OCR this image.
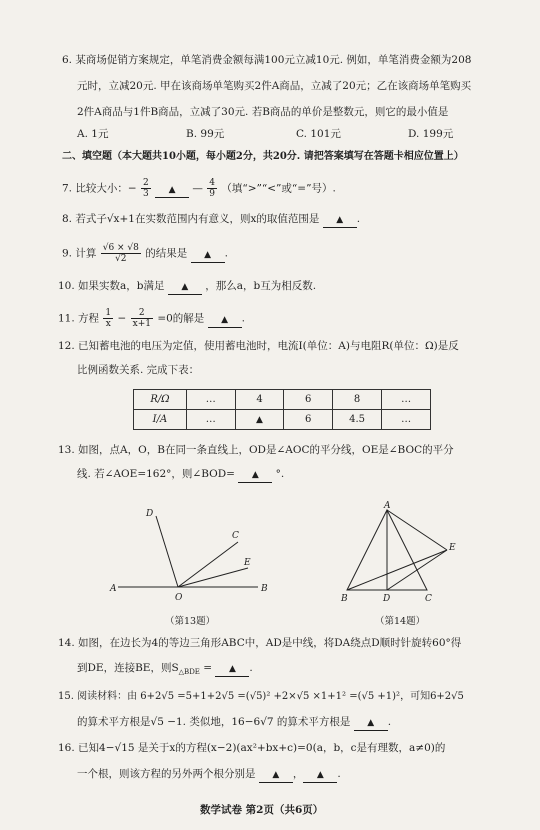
6. 某商场促销方案规定，单笔消费金额每满100元立减10元. 例如，单笔消费金额为208
元时，立减20元. 甲在该商场单笔购买2件A商品，立减了20元；乙在该商场单笔购买
2件A商品与1件B商品，立减了30元. 若B商品的单价是整数元，则它的最小值是
A. 1元	B. 99元	C. 101元	D. 199元
二、填空题（本大题共10小题，每小题2分，共20分. 请把答案填写在答题卡相应位置上）
7. 比较大小：− $\frac{2}{3}$ ▲ — $\frac{4}{9}$ （填“>”“<”或“=”号）.
8. 若式子√x+1在实数范围内有意义，则x的取值范围是 ▲ .
9. 计算 $\frac{√6 \times √8}{√2}$ 的结果是 ▲ .
10. 如果实数a，b满足 ▲ ，那么a，b互为相反数.
11. 方程 $\frac{1}{x} - \frac{2}{x+1} =0$的解是 ▲ .
12. 已知蓄电池的电压为定值，使用蓄电池时，电流I(单位：A)与电阻R(单位：Ω)是反
比例函数关系. 完成下表：
R/Ω	…	4	6	8	…
I/A	…	▲	6	4.5	…
13. 如图，点A，O，B在同一条直线上，OD是∠AOC的平分线，OE是∠BOC的平分
线. 若∠AOE=162°，则∠BOD= ▲ °.
D
C
E
A
O
B
（第13题）
A
E
B	D	C
（第14题）
14. 如图，在边长为4的等边三角形ABC中，AD是中线，将DA绕点D顺时针旋转60°得
到DE，连接BE，则$S_{\triangle BDE}$ = ▲ .
15. 阅读材料：由 6+2√5 =5+1+2√5 =(√5)² +2×√5 ×1+1² =(√5 +1)²，可知6+2√5
的算术平方根是√5 −1. 类似地，16−6√7 的算术平方根是 ▲ .
16. 已知4−√15 是关于x的方程(x−2)(ax²+bx+c)=0(a，b，c是有理数，a≠0)的
一个根，则该方程的另外两个根分别是 ▲ ， ▲ .
数学试卷 第2页（共6页）
